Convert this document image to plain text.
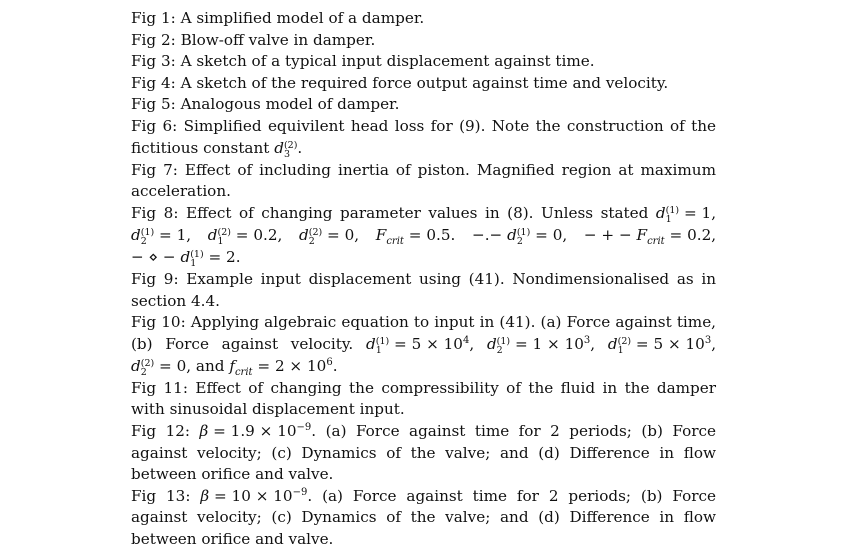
Fig 1: A simplified model of a damper.

Fig 2: Blow-off valve in damper.

Fig 3: A sketch of a typical input displacement against time.

Fig 4: A sketch of the required force output against time and velocity.

Fig 5: Analogous model of damper.

Fig 6: Simplified equivilent head loss for (9). Note the construction of the fictitious constant d (2)
3 .

Fig 7: Effect of including inertia of piston. Magnified region at maximum acceleration.

Fig 8: Effect of changing parameter values in (8). Unless stated d (1)
1 = 1, d (1)
2 = 1, d (2)
1 = 0.2, d (2)
2 = 0, $F_{crit} = 0.5$. −.− d (1)
2 = 0, − + − $F_{crit} = 0.2$, − ⋄ − d (1)
1 = 2.

Fig 9: Example input displacement using (41). Nondimensionalised as in section 4.4.

Fig 10: Applying algebraic equation to input in (41). (a) Force against time, (b) Force against velocity. d (1)
$1 = 5 \times 10^4$, d (1)
$2 = 1 \times 10^3$, d (2)
$1 = 5 \times 10^3$, d (2)
2 = 0, and $f_{crit} = 2 \times 10^6$.

Fig 11: Effect of changing the compressibility of the fluid in the damper with sinusoidal displacement input.

Fig 12: $\beta = 1.9 \times 10^{-9}$. (a) Force against time for 2 periods; (b) Force against velocity; (c) Dynamics of the valve; and (d) Difference in flow between orifice and valve.

Fig 13: $\beta = 10 \times 10^{-9}$. (a) Force against time for 2 periods; (b) Force against velocity; (c) Dynamics of the valve; and (d) Difference in flow between orifice and valve.
